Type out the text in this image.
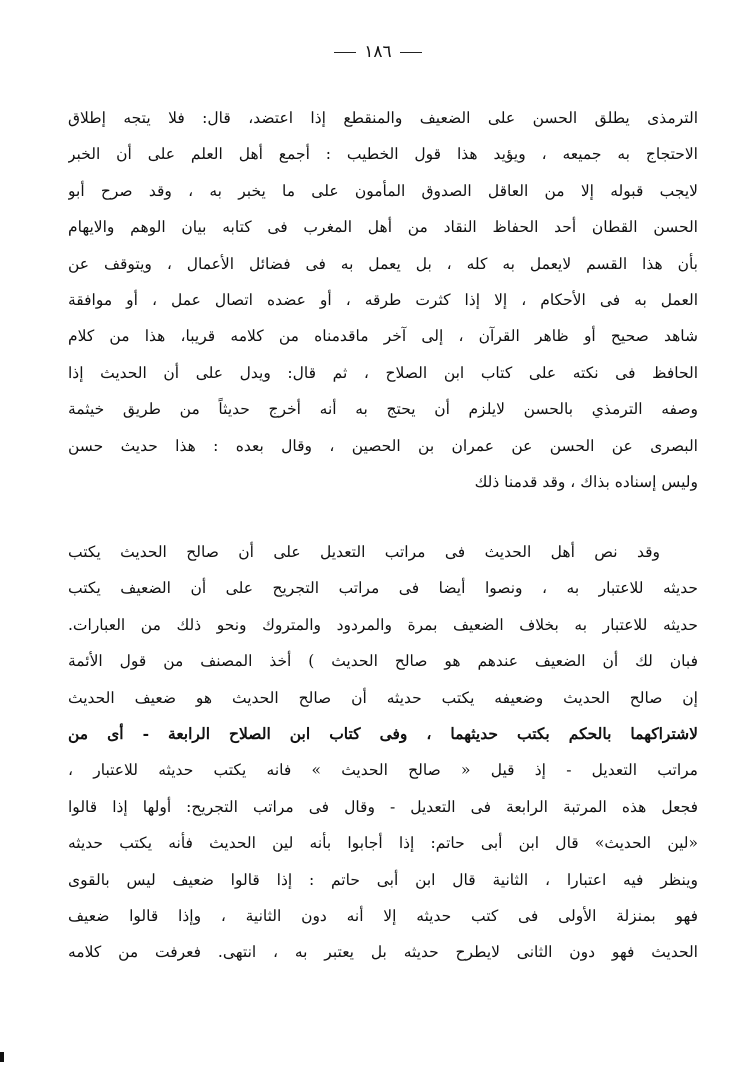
١٨٦
الترمذى يطلق الحسن على الضعيف والمنقطع إذا اعتضد، قال: فلا يتجه إطلاق
الاحتجاج به جميعه ، ويؤيد هذا قول الخطيب : أجمع أهل العلم على أن الخبر
لايجب قبوله إلا من العاقل الصدوق المأمون على ما يخبر به ، وقد صرح أبو
الحسن القطان أحد الحفاظ النقاد من أهل المغرب فى كتابه بيان الوهم والايهام
بأن هذا القسم لايعمل به كله ، بل يعمل به فى فضائل الأعمال ، ويتوقف عن
العمل به فى الأحكام ، إلا إذا كثرت طرقه ، أو عضده اتصال عمل ، أو موافقة
شاهد صحيح أو ظاهر القرآن ، إلى آخر ماقدمناه من كلامه قريبا، هذا من كلام
الحافظ فى نكته على كتاب ابن الصلاح ، ثم قال: ويدل على أن الحديث إذا
وصفه الترمذي بالحسن لايلزم أن يحتج به أنه أخرج حديثاً من طريق خيثمة
البصرى عن الحسن عن عمران بن الحصين ، وقال بعده : هذا حديث حسن
وليس إسناده بذاك ، وقد قدمنا ذلك
وقد نص أهل الحديث فى مراتب التعديل على أن صالح الحديث يكتب
حديثه للاعتبار به ، ونصوا أيضا فى مراتب التجريح على أن الضعيف يكتب
حديثه للاعتبار به بخلاف الضعيف بمرة والمردود والمتروك ونحو ذلك من العبارات.
فبان لك أن الضعيف عندهم هو صالح الحديث ) أخذ المصنف من قول الأئمة
إن صالح الحديث وضعيفه يكتب حديثه أن صالح الحديث هو ضعيف الحديث
لاشتراكهما بالحكم بكتب حديثهما ، وفى كتاب ابن الصلاح الرابعة - أى من
مراتب التعديل - إذ قيل « صالح الحديث » فانه يكتب حديثه للاعتبار ،
فجعل هذه المرتبة الرابعة فى التعديل - وقال فى مراتب التجريح: أولها إذا قالوا
«لين الحديث» قال ابن أبى حاتم: إذا أجابوا بأنه لين الحديث فأنه يكتب حديثه
وينظر فيه اعتبارا ، الثانية قال ابن أبى حاتم : إذا قالوا ضعيف ليس بالقوى
فهو بمنزلة الأولى فى كتب حديثه إلا أنه دون الثانية ، وإذا قالوا ضعيف
الحديث فهو دون الثانى لايطرح حديثه بل يعتبر به ، انتهى. فعرفت من كلامه
